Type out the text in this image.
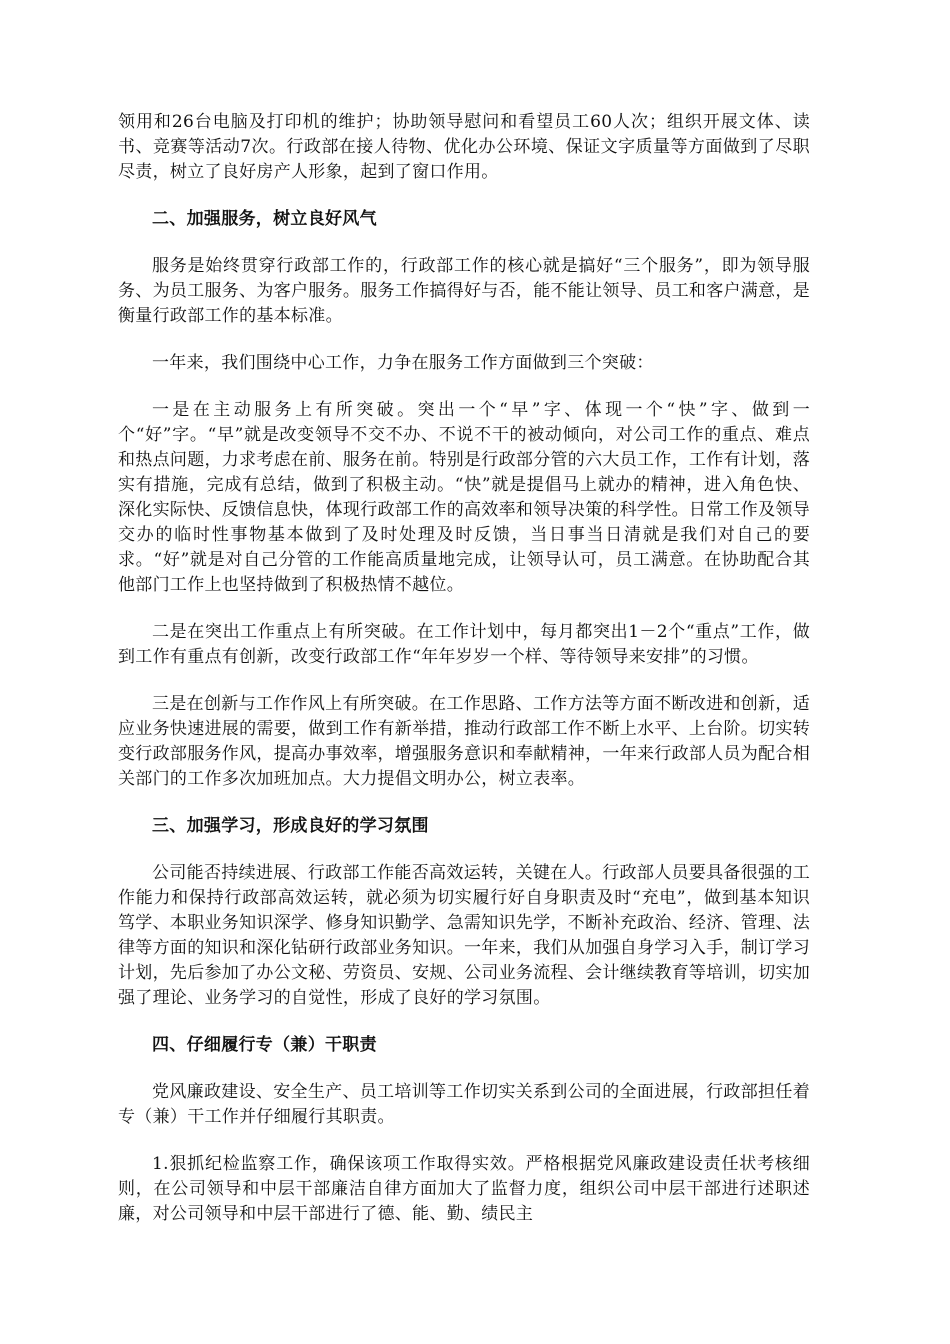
领用和26台电脑及打印机的维护；协助领导慰问和看望员工60人次；组织开展文体、读书、竞赛等活动7次。行政部在接人待物、优化办公环境、保证文字质量等方面做到了尽职尽责，树立了良好房产人形象，起到了窗口作用。

二、加强服务，树立良好风气

服务是始终贯穿行政部工作的，行政部工作的核心就是搞好“三个服务”，即为领导服务、为员工服务、为客户服务。服务工作搞得好与否，能不能让领导、员工和客户满意，是衡量行政部工作的基本标准。

一年来，我们围绕中心工作，力争在服务工作方面做到三个突破：

一是在主动服务上有所突破。突出一个“早”字、体现一个“快”字、做到一个“好”字。“早”就是改变领导不交不办、不说不干的被动倾向，对公司工作的重点、难点和热点问题，力求考虑在前、服务在前。特别是行政部分管的六大员工作，工作有计划，落实有措施，完成有总结，做到了积极主动。“快”就是提倡马上就办的精神，进入角色快、深化实际快、反馈信息快，体现行政部工作的高效率和领导决策的科学性。日常工作及领导交办的临时性事物基本做到了及时处理及时反馈，当日事当日清就是我们对自己的要求。“好”就是对自己分管的工作能高质量地完成，让领导认可，员工满意。在协助配合其他部门工作上也坚持做到了积极热情不越位。

二是在突出工作重点上有所突破。在工作计划中，每月都突出1－2个“重点”工作，做到工作有重点有创新，改变行政部工作“年年岁岁一个样、等待领导来安排”的习惯。

三是在创新与工作作风上有所突破。在工作思路、工作方法等方面不断改进和创新，适应业务快速进展的需要，做到工作有新举措，推动行政部工作不断上水平、上台阶。切实转变行政部服务作风，提高办事效率，增强服务意识和奉献精神，一年来行政部人员为配合相关部门的工作多次加班加点。大力提倡文明办公，树立表率。

三、加强学习，形成良好的学习氛围

公司能否持续进展、行政部工作能否高效运转，关键在人。行政部人员要具备很强的工作能力和保持行政部高效运转，就必须为切实履行好自身职责及时“充电”，做到基本知识笃学、本职业务知识深学、修身知识勤学、急需知识先学，不断补充政治、经济、管理、法律等方面的知识和深化钻研行政部业务知识。一年来，我们从加强自身学习入手，制订学习计划，先后参加了办公文秘、劳资员、安规、公司业务流程、会计继续教育等培训，切实加强了理论、业务学习的自觉性，形成了良好的学习氛围。

四、仔细履行专（兼）干职责

党风廉政建设、安全生产、员工培训等工作切实关系到公司的全面进展，行政部担任着专（兼）干工作并仔细履行其职责。

1.狠抓纪检监察工作，确保该项工作取得实效。严格根据党风廉政建设责任状考核细则，在公司领导和中层干部廉洁自律方面加大了监督力度，组织公司中层干部进行述职述廉，对公司领导和中层干部进行了德、能、勤、绩民主
